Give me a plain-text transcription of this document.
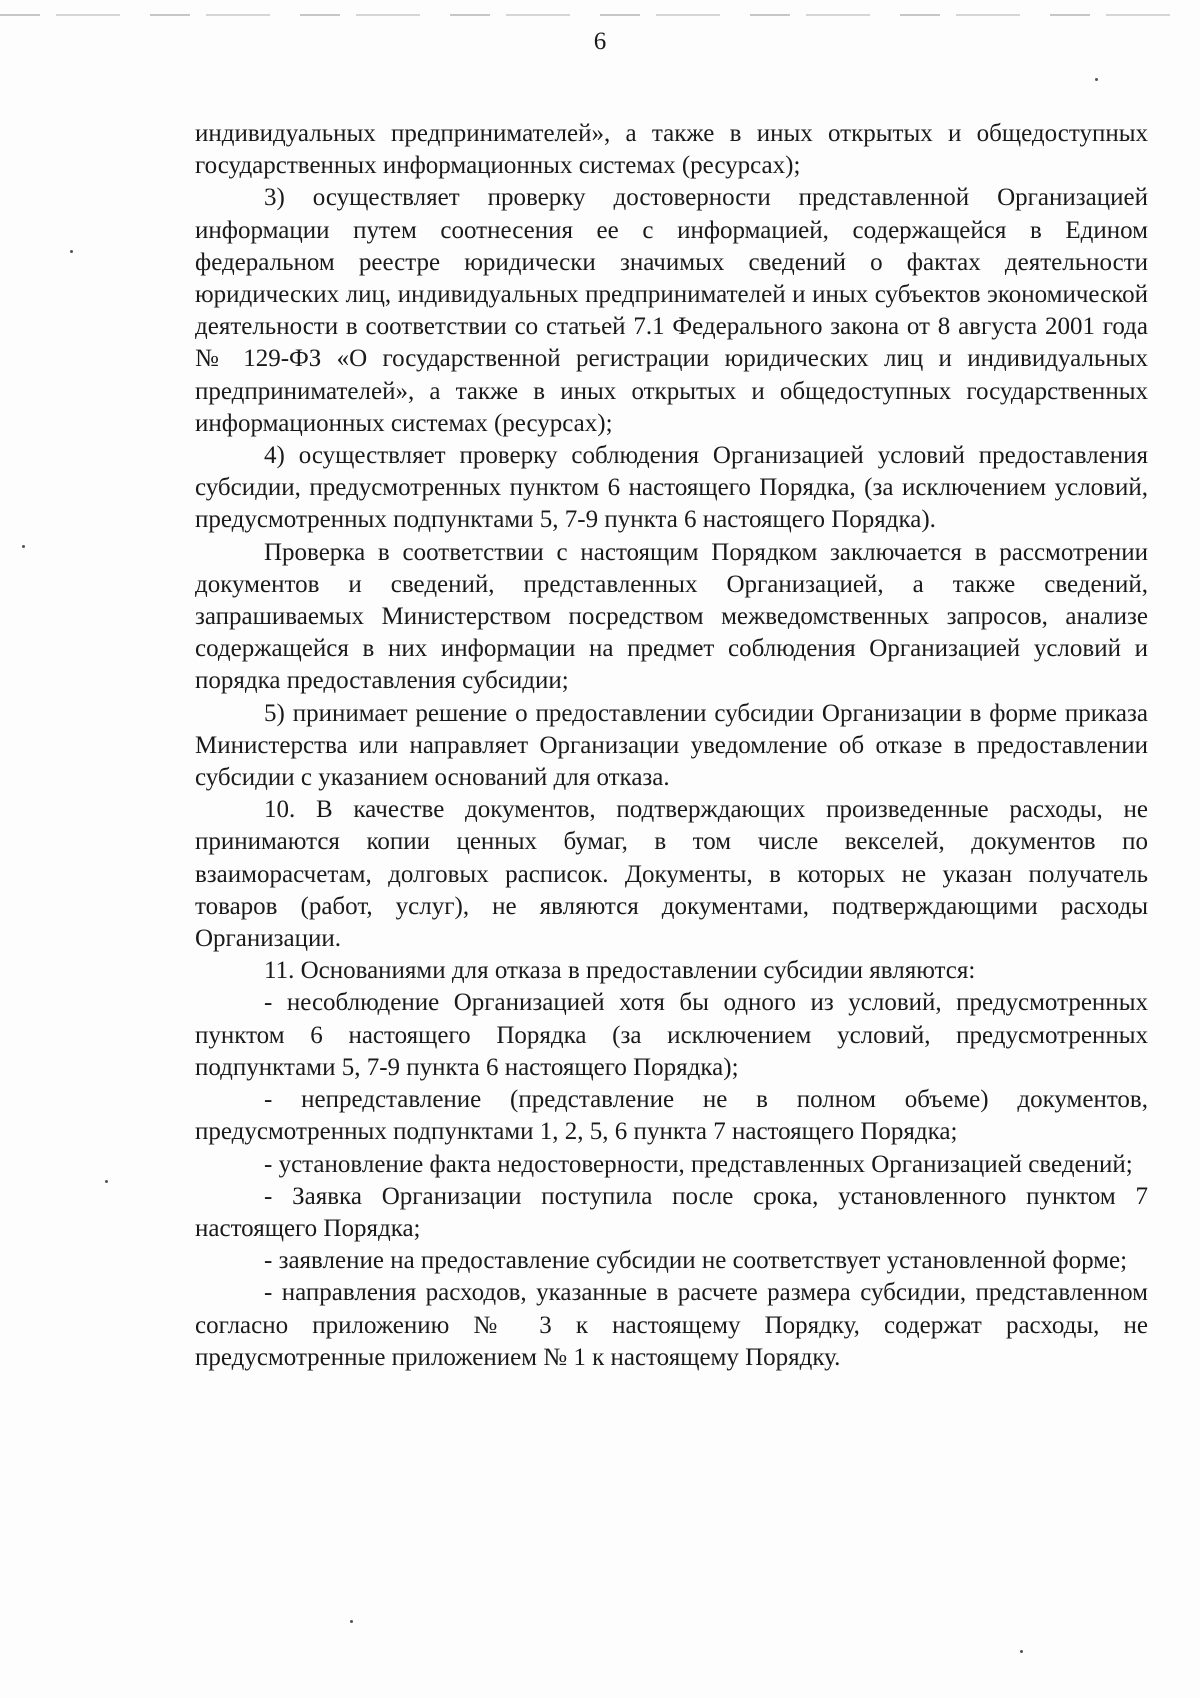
6

индивидуальных предпринимателей», а также в иных открытых и общедоступных государственных информационных системах (ресурсах);

3) осуществляет проверку достоверности представленной Организацией информации путем соотнесения ее с информацией, содержащейся в Едином федеральном реестре юридически значимых сведений о фактах деятельности юридических лиц, индивидуальных предпринимателей и иных субъектов экономической деятельности в соответствии со статьей 7.1 Федерального закона от 8 августа 2001 года № 129-ФЗ «О государственной регистрации юридических лиц и индивидуальных предпринимателей», а также в иных открытых и общедоступных государственных информационных системах (ресурсах);

4) осуществляет проверку соблюдения Организацией условий предоставления субсидии, предусмотренных пунктом 6 настоящего Порядка, (за исключением условий, предусмотренных подпунктами 5, 7-9 пункта 6 настоящего Порядка).

Проверка в соответствии с настоящим Порядком заключается в рассмотрении документов и сведений, представленных Организацией, а также сведений, запрашиваемых Министерством посредством межведомственных запросов, анализе содержащейся в них информации на предмет соблюдения Организацией условий и порядка предоставления субсидии;

5) принимает решение о предоставлении субсидии Организации в форме приказа Министерства или направляет Организации уведомление об отказе в предоставлении субсидии с указанием оснований для отказа.

10. В качестве документов, подтверждающих произведенные расходы, не принимаются копии ценных бумаг, в том числе векселей, документов по взаиморасчетам, долговых расписок. Документы, в которых не указан получатель товаров (работ, услуг), не являются документами, подтверждающими расходы Организации.

11. Основаниями для отказа в предоставлении субсидии являются:

- несоблюдение Организацией хотя бы одного из условий, предусмотренных пунктом 6 настоящего Порядка (за исключением условий, предусмотренных подпунктами 5, 7-9 пункта 6 настоящего Порядка);

- непредставление (представление не в полном объеме) документов, предусмотренных подпунктами 1, 2, 5, 6 пункта 7 настоящего Порядка;

- установление факта недостоверности, представленных Организацией сведений;

- Заявка Организации поступила после срока, установленного пунктом 7 настоящего Порядка;

- заявление на предоставление субсидии не соответствует установленной форме;

- направления расходов, указанные в расчете размера субсидии, представленном согласно приложению № 3 к настоящему Порядку, содержат расходы, не предусмотренные приложением № 1 к настоящему Порядку.
